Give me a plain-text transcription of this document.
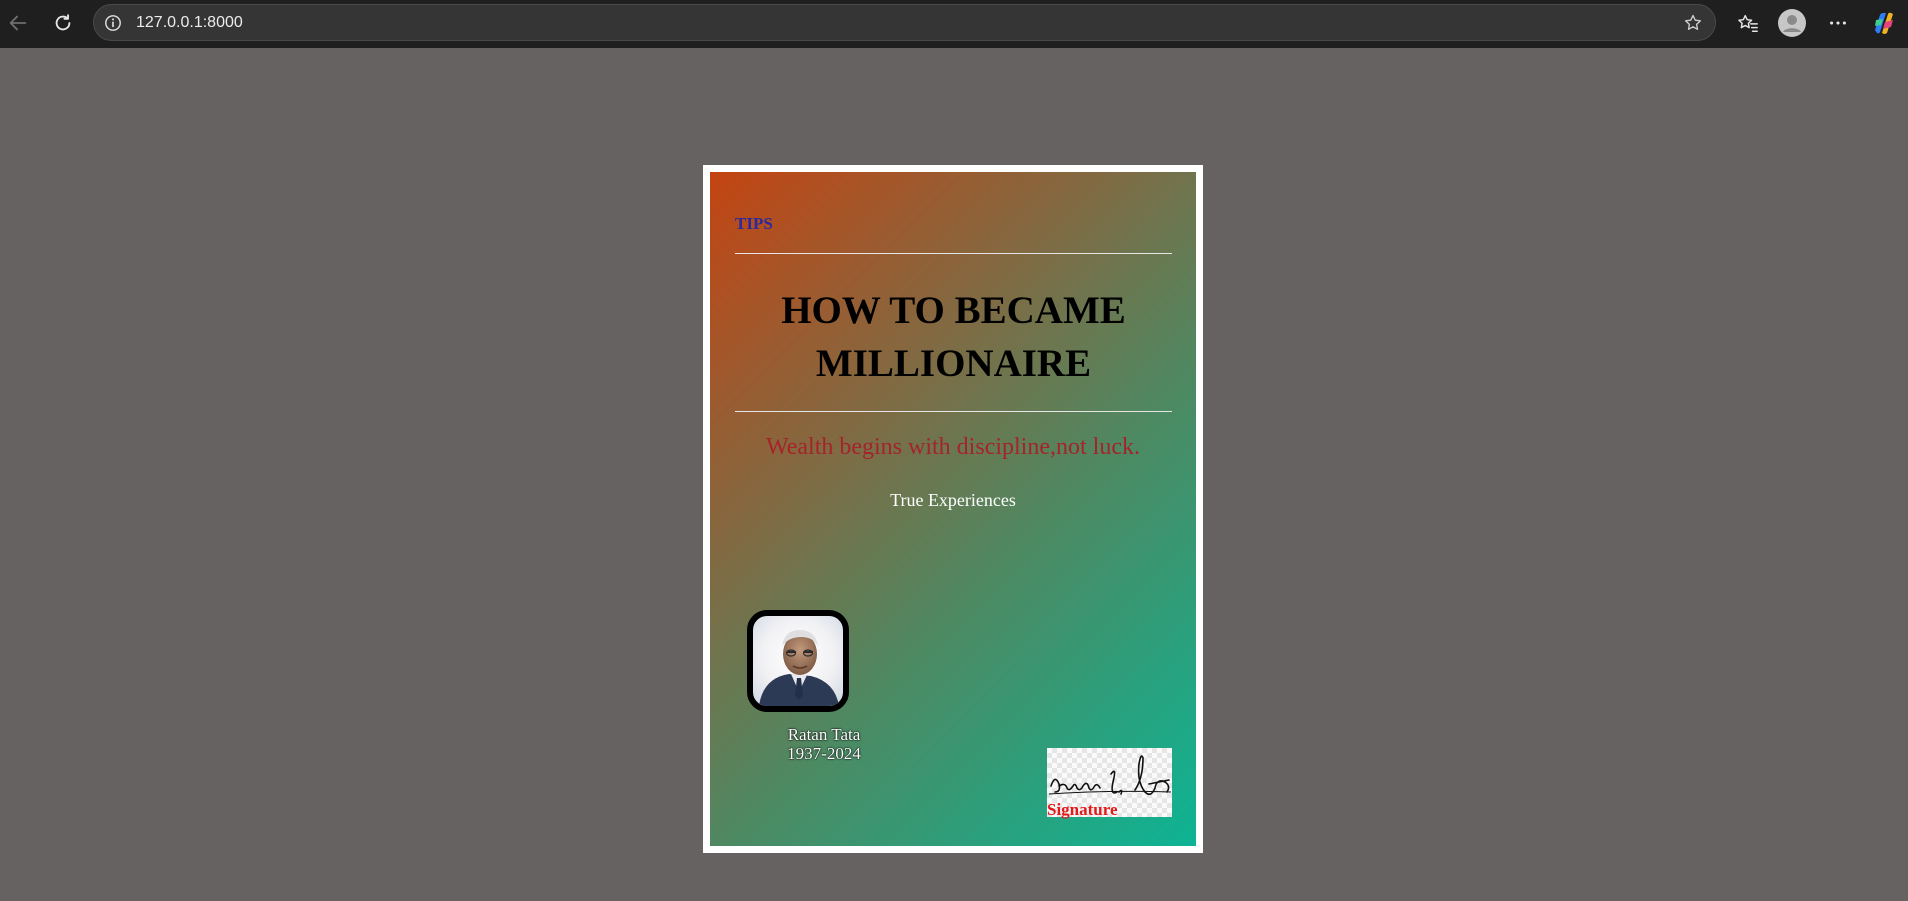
127.0.0.1:8000
TIPS
HOW TO BECAME
MILLIONAIRE
Wealth begins with discipline,not luck.
True Experiences
Ratan Tata
1937-2024
Signature
